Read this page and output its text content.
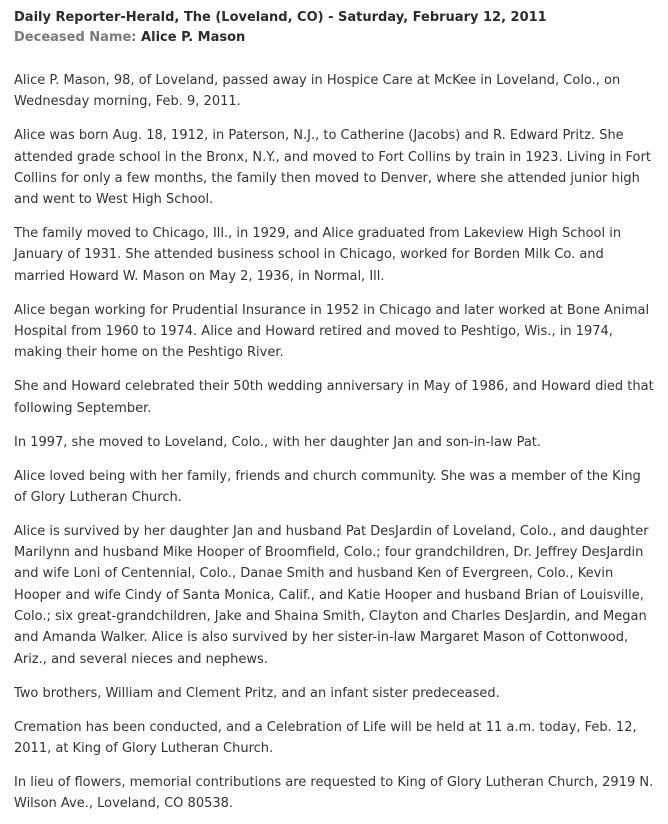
Daily Reporter-Herald, The (Loveland, CO) - Saturday, February 12, 2011
Deceased Name: Alice P. Mason

Alice P. Mason, 98, of Loveland, passed away in Hospice Care at McKee in Loveland, Colo., on Wednesday morning, Feb. 9, 2011.

Alice was born Aug. 18, 1912, in Paterson, N.J., to Catherine (Jacobs) and R. Edward Pritz. She attended grade school in the Bronx, N.Y., and moved to Fort Collins by train in 1923. Living in Fort Collins for only a few months, the family then moved to Denver, where she attended junior high and went to West High School.

The family moved to Chicago, Ill., in 1929, and Alice graduated from Lakeview High School in January of 1931. She attended business school in Chicago, worked for Borden Milk Co. and married Howard W. Mason on May 2, 1936, in Normal, Ill.

Alice began working for Prudential Insurance in 1952 in Chicago and later worked at Bone Animal Hospital from 1960 to 1974. Alice and Howard retired and moved to Peshtigo, Wis., in 1974, making their home on the Peshtigo River.

She and Howard celebrated their 50th wedding anniversary in May of 1986, and Howard died that following September.

In 1997, she moved to Loveland, Colo., with her daughter Jan and son-in-law Pat.

Alice loved being with her family, friends and church community. She was a member of the King of Glory Lutheran Church.

Alice is survived by her daughter Jan and husband Pat DesJardin of Loveland, Colo., and daughter Marilynn and husband Mike Hooper of Broomfield, Colo.; four grandchildren, Dr. Jeffrey DesJardin and wife Loni of Centennial, Colo., Danae Smith and husband Ken of Evergreen, Colo., Kevin Hooper and wife Cindy of Santa Monica, Calif., and Katie Hooper and husband Brian of Louisville, Colo.; six great-grandchildren, Jake and Shaina Smith, Clayton and Charles DesJardin, and Megan and Amanda Walker. Alice is also survived by her sister-in-law Margaret Mason of Cottonwood, Ariz., and several nieces and nephews.

Two brothers, William and Clement Pritz, and an infant sister predeceased.

Cremation has been conducted, and a Celebration of Life will be held at 11 a.m. today, Feb. 12, 2011, at King of Glory Lutheran Church.

In lieu of flowers, memorial contributions are requested to King of Glory Lutheran Church, 2919 N. Wilson Ave., Loveland, CO 80538.
